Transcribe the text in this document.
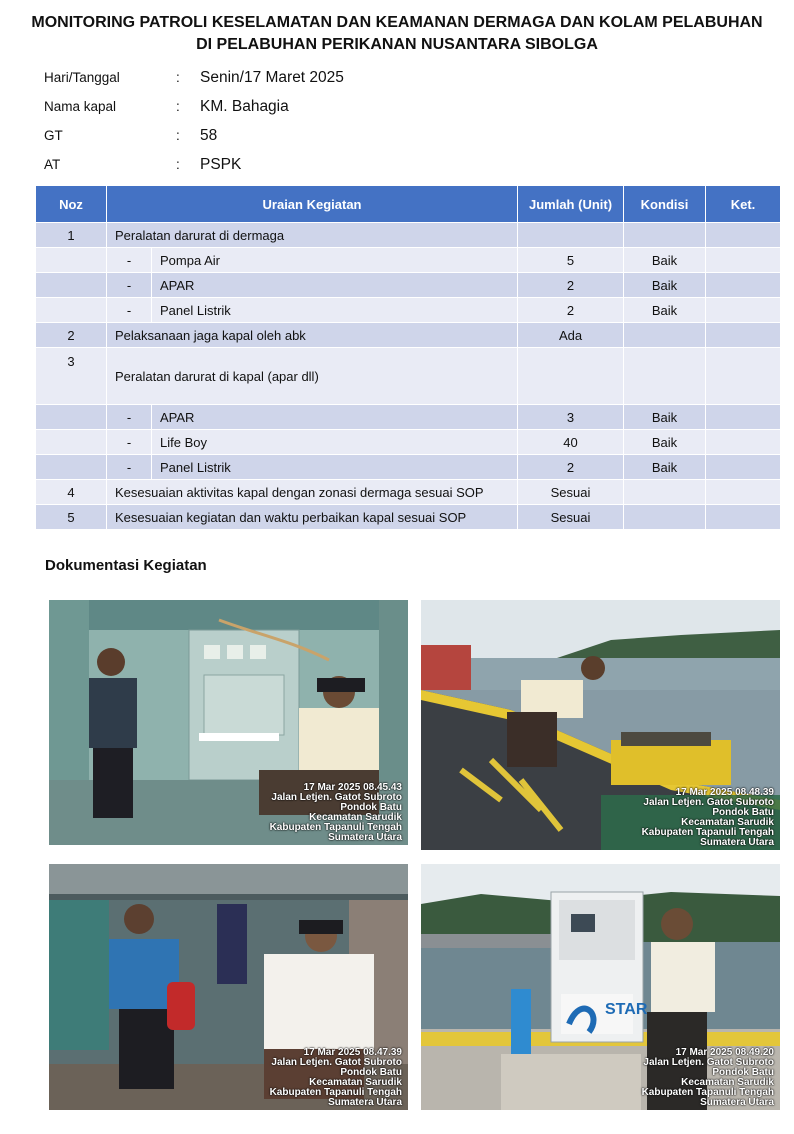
MONITORING PATROLI KESELAMATAN DAN KEAMANAN DERMAGA DAN KOLAM PELABUHAN
DI PELABUHAN PERIKANAN NUSANTARA SIBOLGA
Hari/Tanggal	: Senin/17 Maret 2025
Nama kapal	: KM. Bahagia
GT	: 58
AT	: PSPK
Noz	Uraian Kegiatan		Jumlah (Unit)	Kondisi	Ket.
1	Peralatan darurat di dermaga				
	-	Pompa Air	5	Baik	
	-	APAR	2	Baik	
	-	Panel Listrik	2	Baik	
2	Pelaksanaan jaga kapal oleh abk		Ada		
3	Peralatan darurat di kapal (apar dll)				
	-	APAR	3	Baik	
	-	Life Boy	40	Baik	
	-	Panel Listrik	2	Baik	
4	Kesesuaian aktivitas kapal dengan zonasi dermaga sesuai SOP		Sesuai		
5	Kesesuaian kegiatan dan waktu perbaikan kapal sesuai SOP		Sesuai		
Dokumentasi Kegiatan
17 Mar 2025 08.45.43
Jalan Letjen. Gatot Subroto
Pondok Batu
Kecamatan Sarudik
Kabupaten Tapanuli Tengah
Sumatera Utara
17 Mar 2025 08.48.39
Jalan Letjen. Gatot Subroto
Pondok Batu
Kecamatan Sarudik
Kabupaten Tapanuli Tengah
Sumatera Utara
17 Mar 2025 08.47.39
Jalan Letjen. Gatot Subroto
Pondok Batu
Kecamatan Sarudik
Kabupaten Tapanuli Tengah
Sumatera Utara
STAR
17 Mar 2025 08.49.20
Jalan Letjen. Gatot Subroto
Pondok Batu
Kecamatan Sarudik
Kabupaten Tapanuli Tengah
Sumatera Utara
